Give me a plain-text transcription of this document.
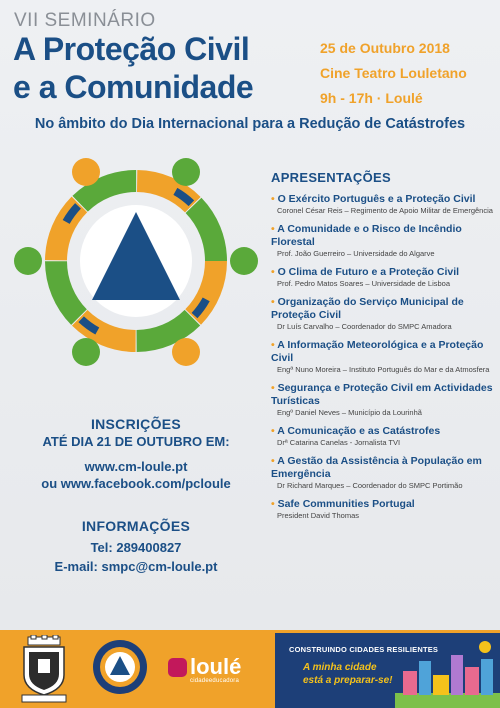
VII SEMINÁRIO
A Proteção Civil
e a Comunidade
25 de Outubro 2018
Cine Teatro Louletano
9h - 17h · Loulé
No âmbito do Dia Internacional para a Redução de Catástrofes
INSCRIÇÕES
ATÉ DIA 21 DE OUTUBRO EM:
www.cm-loule.pt
ou www.facebook.com/pcloule
INFORMAÇÕES
Tel: 289400827
E-mail: smpc@cm-loule.pt
APRESENTAÇÕES
• O Exército Português e a Proteção Civil
Coronel César Reis – Regimento de Apoio Militar de Emergência
• A Comunidade e o Risco de Incêndio Florestal
Prof. João Guerreiro – Universidade do Algarve
• O Clima de Futuro e a Proteção Civil
Prof. Pedro Matos Soares – Universidade de Lisboa
• Organização do Serviço Municipal de Proteção Civil
Dr Luís Carvalho – Coordenador do SMPC Amadora
• A Informação Meteorológica e a Proteção Civil
Engª Nuno Moreira – Instituto Português do Mar e da Atmosfera
• Segurança e Proteção Civil em Actividades Turísticas
Engº Daniel Neves – Município da Lourinhã
• A Comunicação e as Catástrofes
Drª Catarina Canelas - Jornalista TVI
• A Gestão da Assistência à População em Emergência
Dr Richard Marques – Coordenador do SMPC Portimão
• Safe Communities Portugal
President David Thomas
loulé
cidadeeducadora
CONSTRUINDO CIDADES RESILIENTES
A minha cidade
está a preparar-se!
